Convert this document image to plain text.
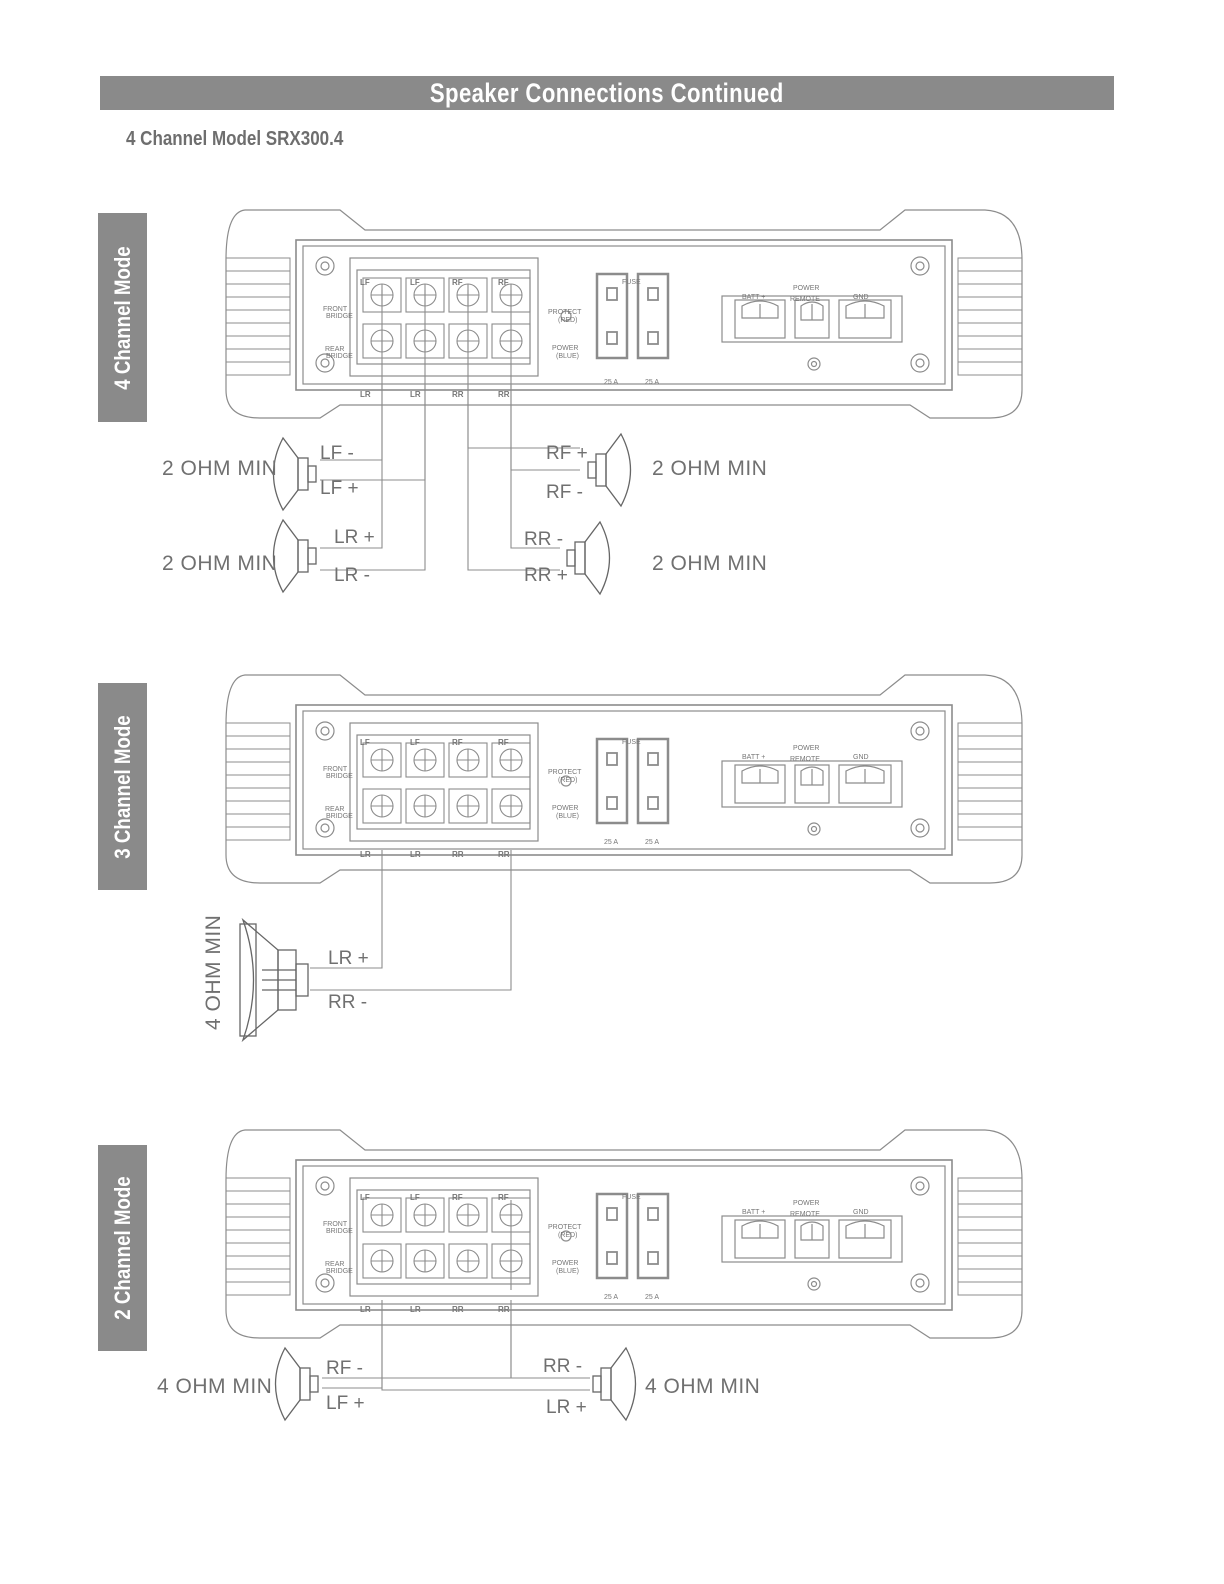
Speaker Connections Continued
4 Channel Model SRX300.4
4 Channel Mode
3 Channel Mode
2 Channel Mode
LF	LF	RF	RF
LR	LR	RR	RR
FRONT
BRIDGE
REAR
BRIDGE
PROTECT
(RED)
POWER
(BLUE)
FUSE
25 A	25 A
BATT +
POWER
REMOTE	GND
LF	LF	RF	RF
LR	LR	RR	RR
FRONT
BRIDGE
REAR
BRIDGE
PROTECT
(RED)
POWER
(BLUE)
FUSE
25 A	25 A
BATT +
POWER
REMOTE	GND
LF	LF	RF	RF
LR	LR	RR	RR
FRONT
BRIDGE
REAR
BRIDGE
PROTECT
(RED)
POWER
(BLUE)
FUSE
25 A	25 A
BATT +
POWER
REMOTE	GND
2 OHM MIN
LF -
LF +
2 OHM MIN
RF +
RF -
2 OHM MIN
LR +
LR -
2 OHM MIN
RR -
RR +
4 OHM MIN	LR +
RR -
4 OHM MIN
RF -
LF +
4 OHM MIN
RR -
LR +
